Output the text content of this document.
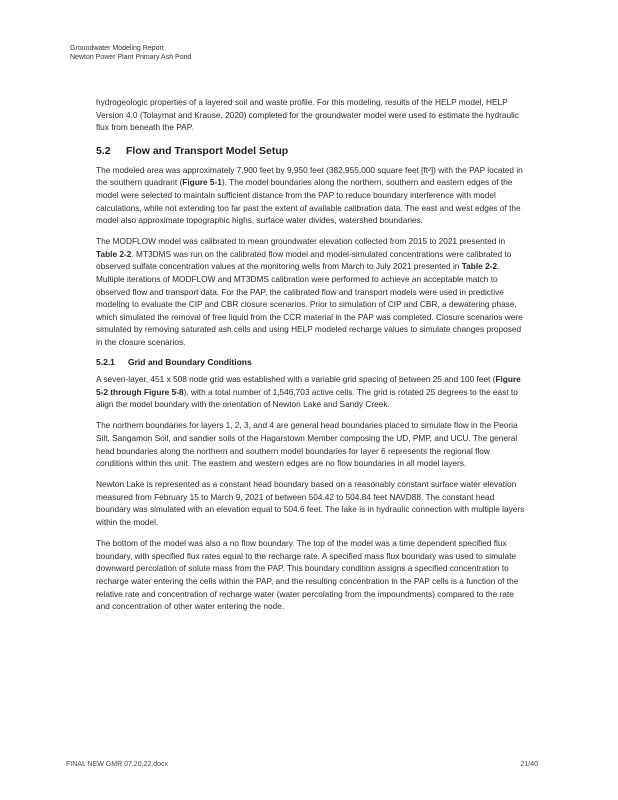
Groundwater Modeling Report
Newton Power Plant Primary Ash Pond

hydrogeologic properties of a layered soil and waste profile. For this modeling, results of the HELP model, HELP Version 4.0 (Tolaymat and Krause, 2020) completed for the groundwater model were used to estimate the hydraulic flux from beneath the PAP.

5.2 Flow and Transport Model Setup

The modeled area was approximately 7,900 feet by 9,950 feet (382,955,000 square feet [ft²]) with the PAP located in the southern quadrant (Figure 5-1). The model boundaries along the northern, southern and eastern edges of the model were selected to maintain sufficient distance from the PAP to reduce boundary interference with model calculations, while not extending too far past the extent of available calibration data. The east and west edges of the model also approximate topographic highs, surface water divides, watershed boundaries.

The MODFLOW model was calibrated to mean groundwater elevation collected from 2015 to 2021 presented in Table 2-2. MT3DMS was run on the calibrated flow model and model-simulated concentrations were calibrated to observed sulfate concentration values at the monitoring wells from March to July 2021 presented in Table 2-2. Multiple iterations of MODFLOW and MT3DMS calibration were performed to achieve an acceptable match to observed flow and transport data. For the PAP, the calibrated flow and transport models were used in predictive modeling to evaluate the CIP and CBR closure scenarios. Prior to simulation of CIP and CBR, a dewatering phase, which simulated the removal of free liquid from the CCR material in the PAP was completed. Closure scenarios were simulated by removing saturated ash cells and using HELP modeled recharge values to simulate changes proposed in the closure scenarios.

5.2.1 Grid and Boundary Conditions

A seven-layer, 451 x 508 node grid was established with a variable grid spacing of between 25 and 100 feet (Figure 5-2 through Figure 5-8), with a total number of 1,546,703 active cells. The grid is rotated 25 degrees to the east to align the model boundary with the orientation of Newton Lake and Sandy Creek.

The northern boundaries for layers 1, 2, 3, and 4 are general head boundaries placed to simulate flow in the Peoria Silt, Sangamon Soil, and sandier soils of the Hagarstown Member composing the UD, PMP, and UCU. The general head boundaries along the northern and southern model boundaries for layer 6 represents the regional flow conditions within this unit. The eastern and western edges are no flow boundaries in all model layers.

Newton Lake is represented as a constant head boundary based on a reasonably constant surface water elevation measured from February 15 to March 9, 2021 of between 504.42 to 504.84 feet NAVD88. The constant head boundary was simulated with an elevation equal to 504.6 feet. The lake is in hydraulic connection with multiple layers within the model.

The bottom of the model was also a no flow boundary. The top of the model was a time dependent specified flux boundary, with specified flux rates equal to the recharge rate. A specified mass flux boundary was used to simulate downward percolation of solute mass from the PAP. This boundary condition assigns a specified concentration to recharge water entering the cells within the PAP, and the resulting concentration in the PAP cells is a function of the relative rate and concentration of recharge water (water percolating from the impoundments) compared to the rate and concentration of other water entering the node.

FINAL NEW GMR 07.20.22.docx	21/40
